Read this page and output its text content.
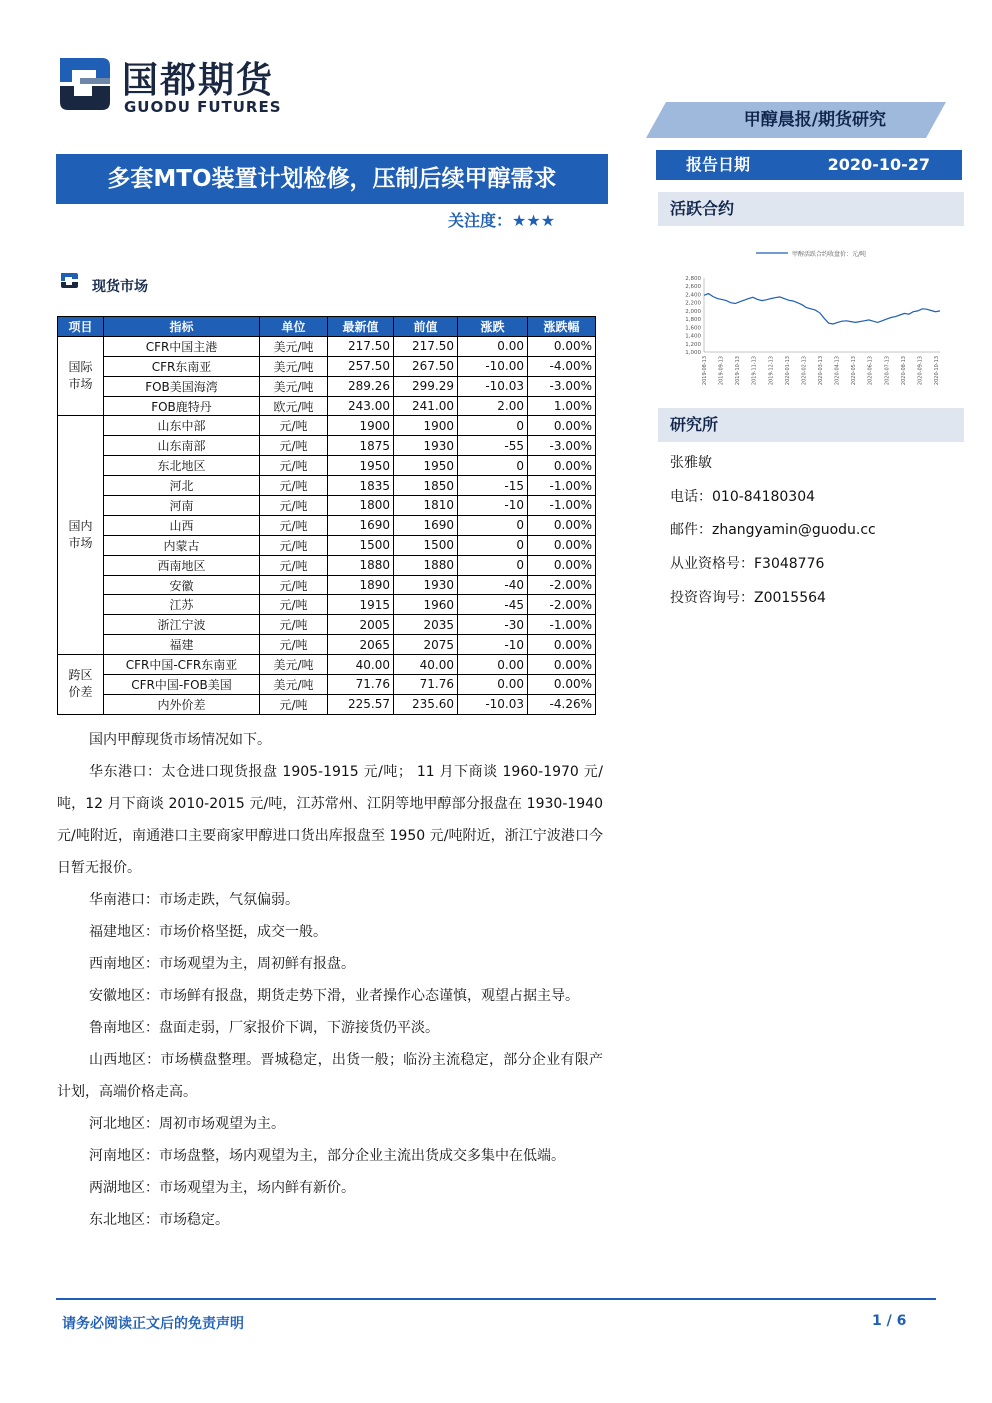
国都期货
GUODU FUTURES
甲醇晨报/期货研究
多套MTO装置计划检修，压制后续甲醇需求
关注度：★★★
报告日期	2020-10-27
活跃合约
甲醇活跃合约收盘价：元/吨
2,800
2,600
2,400
2,200
2,000
1,800
1,600
1,400
1,200
1,000
2019-08-13 2019-09-13 2019-10-13 2019-11-13 2019-12-13 2020-01-13 2020-02-13 2020-03-13 2020-04-13 2020-05-13 2020-06-13 2020-07-13 2020-08-13 2020-09-13 2020-10-13
研究所
张雅敏
电话：010-84180304
邮件：zhangyamin@guodu.cc
从业资格号：F3048776
投资咨询号：Z0015564
现货市场
项目	指标	单位	最新值	前值	涨跌	涨跌幅

国际
市场	CFR中国主港	美元/吨	217.50	217.50	0.00	0.00%
	CFR东南亚	美元/吨	257.50	267.50	-10.00	-4.00%
	FOB美国海湾	美元/吨	289.26	299.29	-10.03	-3.00%
	FOB鹿特丹	欧元/吨	243.00	241.00	2.00	1.00%

国内
市场	山东中部	元/吨	1900	1900	0	0.00%
	山东南部	元/吨	1875	1930	-55	-3.00%
	东北地区	元/吨	1950	1950	0	0.00%
	河北	元/吨	1835	1850	-15	-1.00%
	河南	元/吨	1800	1810	-10	-1.00%
	山西	元/吨	1690	1690	0	0.00%
	内蒙古	元/吨	1500	1500	0	0.00%
	西南地区	元/吨	1880	1880	0	0.00%
	安徽	元/吨	1890	1930	-40	-2.00%
	江苏	元/吨	1915	1960	-45	-2.00%
	浙江宁波	元/吨	2005	2035	-30	-1.00%
	福建	元/吨	2065	2075	-10	0.00%

跨区
价差	CFR中国-CFR东南亚	美元/吨	40.00	40.00	0.00	0.00%
	CFR中国-FOB美国	美元/吨	71.76	71.76	0.00	0.00%
	内外价差	元/吨	225.57	235.60	-10.03	-4.26%

国内甲醇现货市场情况如下。

华东港口：太仓进口现货报盘 1905-1915 元/吨； 11 月下商谈 1960-1970 元/吨，12 月下商谈 2010-2015 元/吨，江苏常州、江阴等地甲醇部分报盘在 1930-1940 元/吨附近，南通港口主要商家甲醇进口货出库报盘至 1950 元/吨附近，浙江宁波港口今日暂无报价。

华南港口：市场走跌，气氛偏弱。

福建地区：市场价格坚挺，成交一般。

西南地区：市场观望为主，周初鲜有报盘。

安徽地区：市场鲜有报盘，期货走势下滑，业者操作心态谨慎，观望占据主导。

鲁南地区：盘面走弱，厂家报价下调，下游接货仍平淡。

山西地区：市场横盘整理。晋城稳定，出货一般；临汾主流稳定，部分企业有限产计划，高端价格走高。

河北地区：周初市场观望为主。

河南地区：市场盘整，场内观望为主，部分企业主流出货成交多集中在低端。

两湖地区：市场观望为主，场内鲜有新价。

东北地区：市场稳定。

请务必阅读正文后的免责声明	1 / 6
